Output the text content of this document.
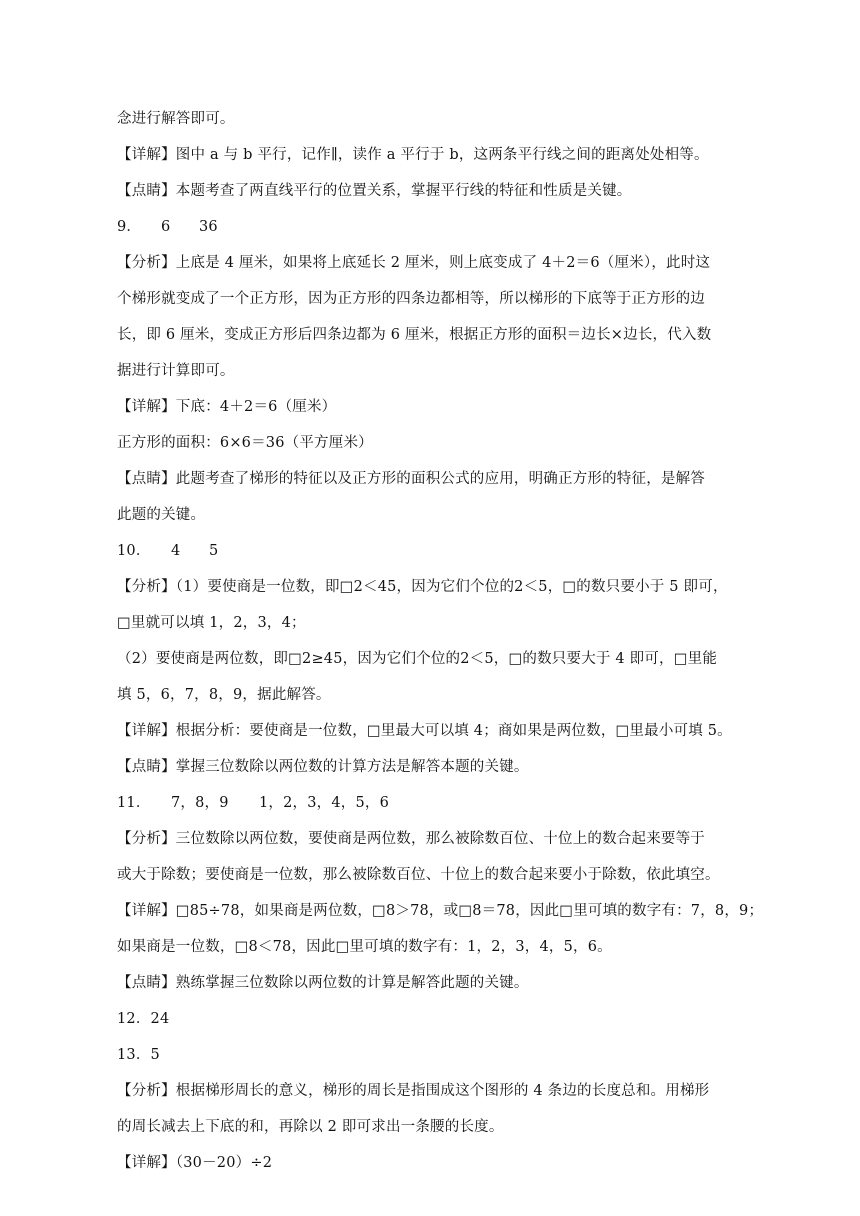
念进行解答即可。
【详解】图中 a 与 b 平行，记作∥，读作 a 平行于 b，这两条平行线之间的距离处处相等。
【点睛】本题考查了两直线平行的位置关系，掌握平行线的特征和性质是关键。
9． 6 36
【分析】上底是 4 厘米，如果将上底延长 2 厘米，则上底变成了 4＋2＝6（厘米），此时这
个梯形就变成了一个正方形，因为正方形的四条边都相等，所以梯形的下底等于正方形的边
长，即 6 厘米，变成正方形后四条边都为 6 厘米，根据正方形的面积＝边长×边长，代入数
据进行计算即可。
【详解】下底：4＋2＝6（厘米）
正方形的面积：6×6＝36（平方厘米）
【点睛】此题考查了梯形的特征以及正方形的面积公式的应用，明确正方形的特征，是解答
此题的关键。
10． 4 5
【分析】（1）要使商是一位数，即□2＜45，因为它们个位的2＜5，□的数只要小于 5 即可，
□里就可以填 1，2，3，4；
（2）要使商是两位数，即□2≥45，因为它们个位的2＜5，□的数只要大于 4 即可，□里能
填 5，6，7，8，9，据此解答。
【详解】根据分析：要使商是一位数，□里最大可以填 4；商如果是两位数，□里最小可填 5。
【点睛】掌握三位数除以两位数的计算方法是解答本题的关键。
11． 7，8，9 1，2，3，4，5，6
【分析】三位数除以两位数，要使商是两位数，那么被除数百位、十位上的数合起来要等于
或大于除数；要使商是一位数，那么被除数百位、十位上的数合起来要小于除数，依此填空。
【详解】□85÷78，如果商是两位数，□8＞78，或□8＝78，因此□里可填的数字有：7，8，9；
如果商是一位数，□8＜78，因此□里可填的数字有：1，2，3，4，5，6。
【点睛】熟练掌握三位数除以两位数的计算是解答此题的关键。
12．24
13．5
【分析】根据梯形周长的意义，梯形的周长是指围成这个图形的 4 条边的长度总和。用梯形
的周长减去上下底的和，再除以 2 即可求出一条腰的长度。
【详解】（30－20）÷2
